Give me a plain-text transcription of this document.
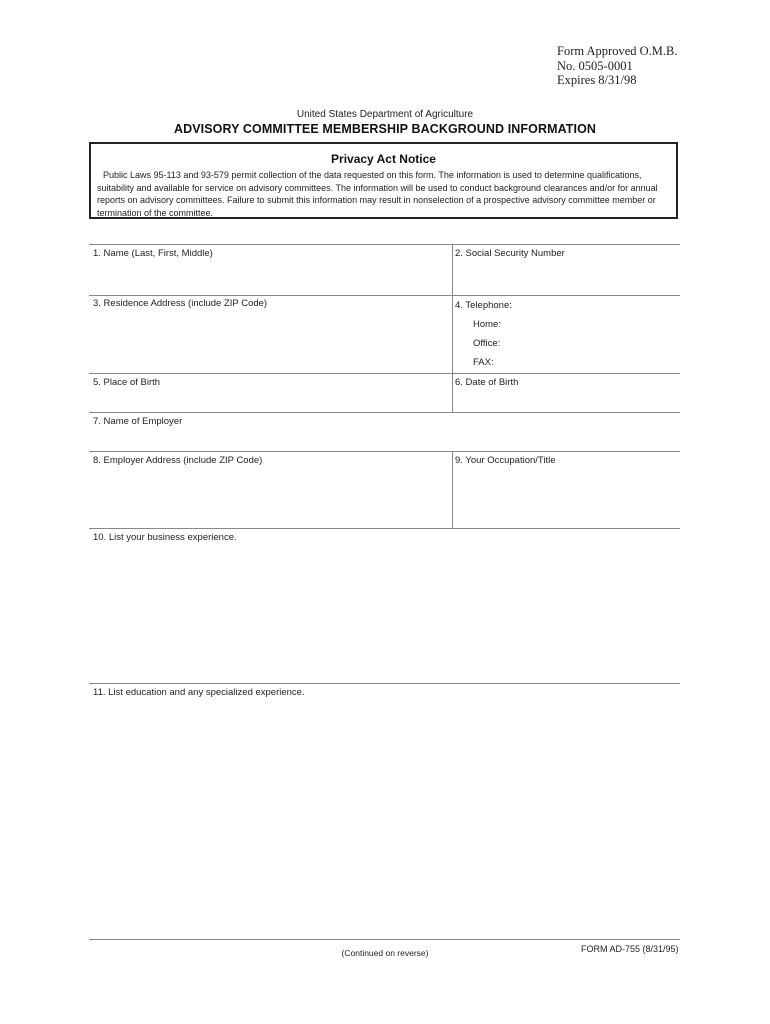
Form Approved O.M.B.
No. 0505-0001
Expires 8/31/98
United States Department of Agriculture
ADVISORY COMMITTEE MEMBERSHIP BACKGROUND INFORMATION
Privacy Act Notice
Public Laws 95-113 and 93-579 permit collection of the data requested on this form. The information is used to determine qualifications, suitability and available for service on advisory committees. The information will be used to conduct background clearances and/or for annual reports on advisory committees. Failure to submit this information may result in nonselection of a prospective advisory committee member or termination of the committee.
1. Name (Last, First, Middle)	2. Social Security Number
3. Residence Address (include ZIP Code)	4. Telephone:
Home:
Office:
FAX:
5. Place of Birth	6. Date of Birth
7. Name of Employer
8. Employer Address (include ZIP Code)	9. Your Occupation/Title
10. List your business experience.
11. List education and any specialized experience.
(Continued on reverse)	FORM AD-755 (8/31/95)
